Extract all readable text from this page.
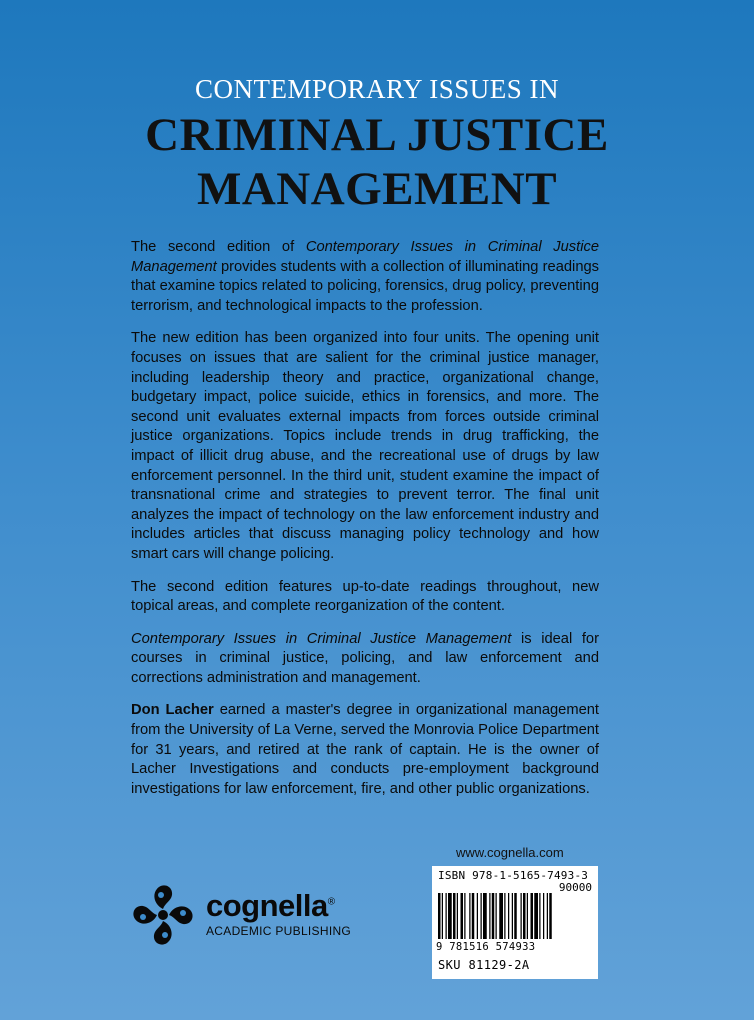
CONTEMPORARY ISSUES IN
CRIMINAL JUSTICE
MANAGEMENT

The second edition of Contemporary Issues in Criminal Justice Management provides students with a collection of illuminating readings that examine topics related to policing, forensics, drug policy, preventing terrorism, and technological impacts to the profession.

The new edition has been organized into four units. The opening unit focuses on issues that are salient for the criminal justice manager, including leadership theory and practice, organizational change, budgetary impact, police suicide, ethics in forensics, and more. The second unit evaluates external impacts from forces outside criminal justice organizations. Topics include trends in drug trafficking, the impact of illicit drug abuse, and the recreational use of drugs by law enforcement personnel. In the third unit, student examine the impact of transnational crime and strategies to prevent terror. The final unit analyzes the impact of technology on the law enforcement industry and includes articles that discuss managing policy technology and how smart cars will change policing.

The second edition features up-to-date readings throughout, new topical areas, and complete reorganization of the content.

Contemporary Issues in Criminal Justice Management is ideal for courses in criminal justice, policing, and law enforcement and corrections administration and management.

Don Lacher earned a master's degree in organizational management from the University of La Verne, served the Monrovia Police Department for 31 years, and retired at the rank of captain. He is the owner of Lacher Investigations and conducts pre-employment background investigations for law enforcement, fire, and other public organizations.

www.cognella.com
ISBN 978-1-5165-7493-3
90000
9 781516 574933
SKU 81129-2A
cognella®
ACADEMIC PUBLISHING
